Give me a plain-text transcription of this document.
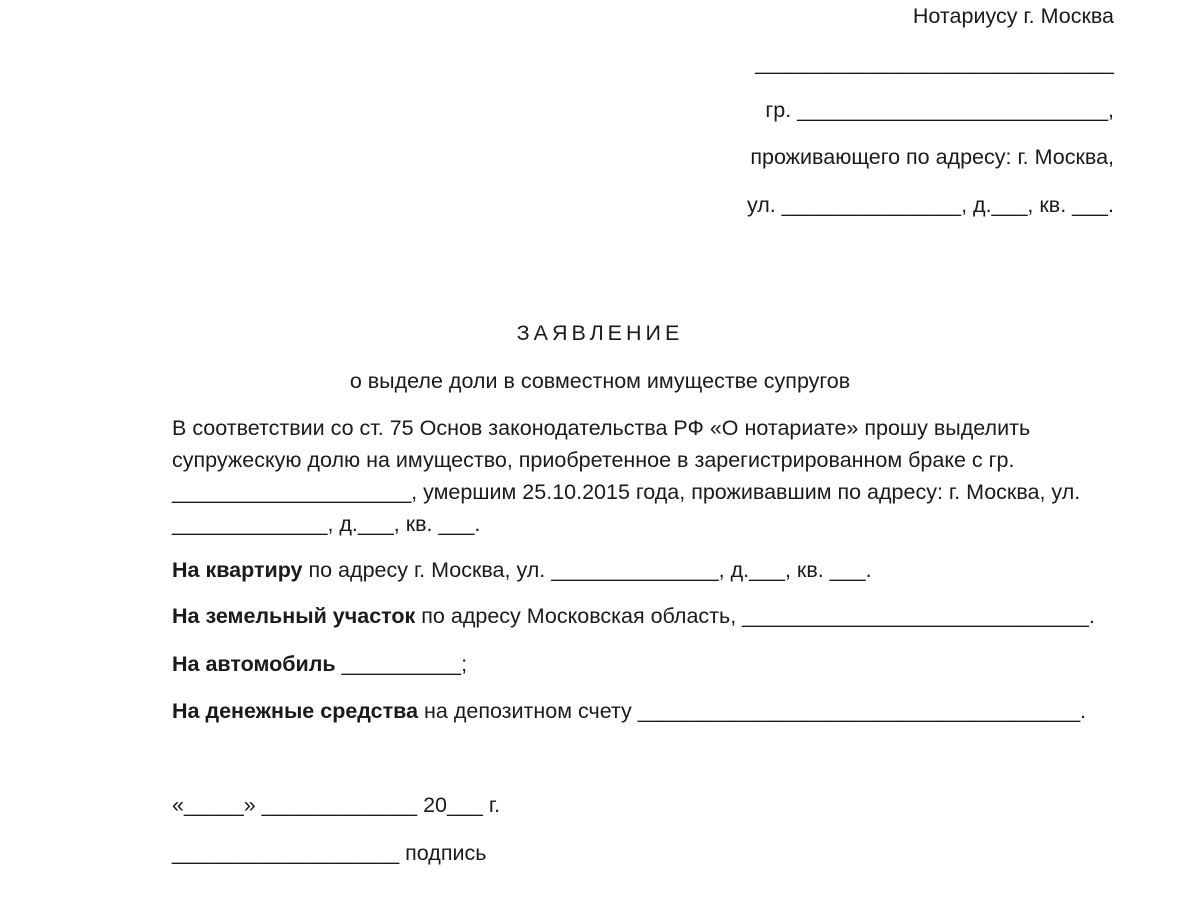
Нотариусу г. Москва
______________________________
гр. __________________________,
проживающего по адресу: г. Москва,
ул. _______________, д.___, кв. ___.
ЗАЯВЛЕНИЕ
о выделе доли в совместном имуществе супругов
В соответствии со ст. 75 Основ законодательства РФ «О нотариате» прошу выделить супружескую долю на имущество, приобретенное в зарегистрированном браке с гр. ____________________, умершим 25.10.2015 года, проживавшим по адресу: г. Москва, ул. _____________, д.___, кв. ___.
На квартиру по адресу г. Москва, ул. ______________, д.___, кв. ___.
На земельный участок по адресу Московская область, _____________________________.
На автомобиль __________;
На денежные средства на депозитном счету _____________________________________.
«_____» _____________ 20___ г.
___________________ подпись
